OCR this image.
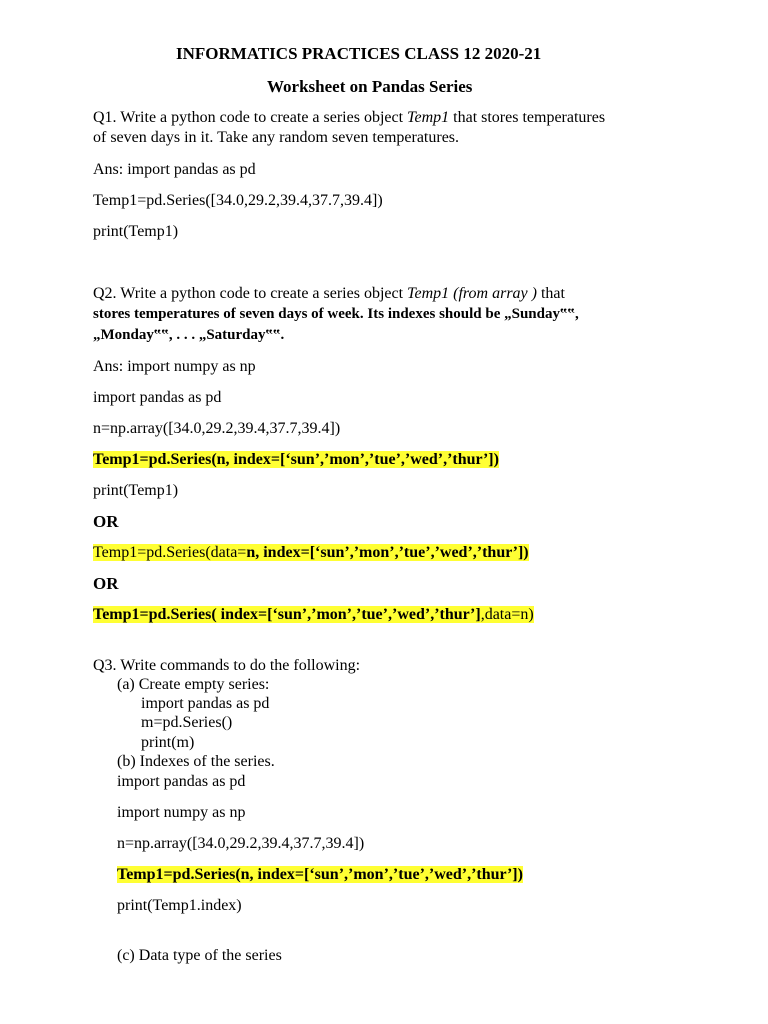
INFORMATICS PRACTICES CLASS 12 2020-21
Worksheet on Pandas Series
Q1. Write a python code to create a series object Temp1 that stores temperatures
of seven days in it. Take any random seven temperatures.
Ans: import pandas as pd
Temp1=pd.Series([34.0,29.2,39.4,37.7,39.4])
print(Temp1)
Q2. Write a python code to create a series object Temp1 (from array ) that
stores temperatures of seven days of week. Its indexes should be „Sunday‟‟,
„Monday‟‟, . . . „Saturday‟‟.
Ans: import numpy as np
import pandas as pd
n=np.array([34.0,29.2,39.4,37.7,39.4])
Temp1=pd.Series(n, index=[‘sun’,’mon’,’tue’,’wed’,’thur’])
print(Temp1)
OR
Temp1=pd.Series(data=n, index=[‘sun’,’mon’,’tue’,’wed’,’thur’])
OR
Temp1=pd.Series( index=[‘sun’,’mon’,’tue’,’wed’,’thur’],data=n)
Q3. Write commands to do the following:
(a) Create empty series:
import pandas as pd
m=pd.Series()
print(m)
(b) Indexes of the series.
import pandas as pd
import numpy as np
n=np.array([34.0,29.2,39.4,37.7,39.4])
Temp1=pd.Series(n, index=[‘sun’,’mon’,’tue’,’wed’,’thur’])
print(Temp1.index)
(c) Data type of the series
